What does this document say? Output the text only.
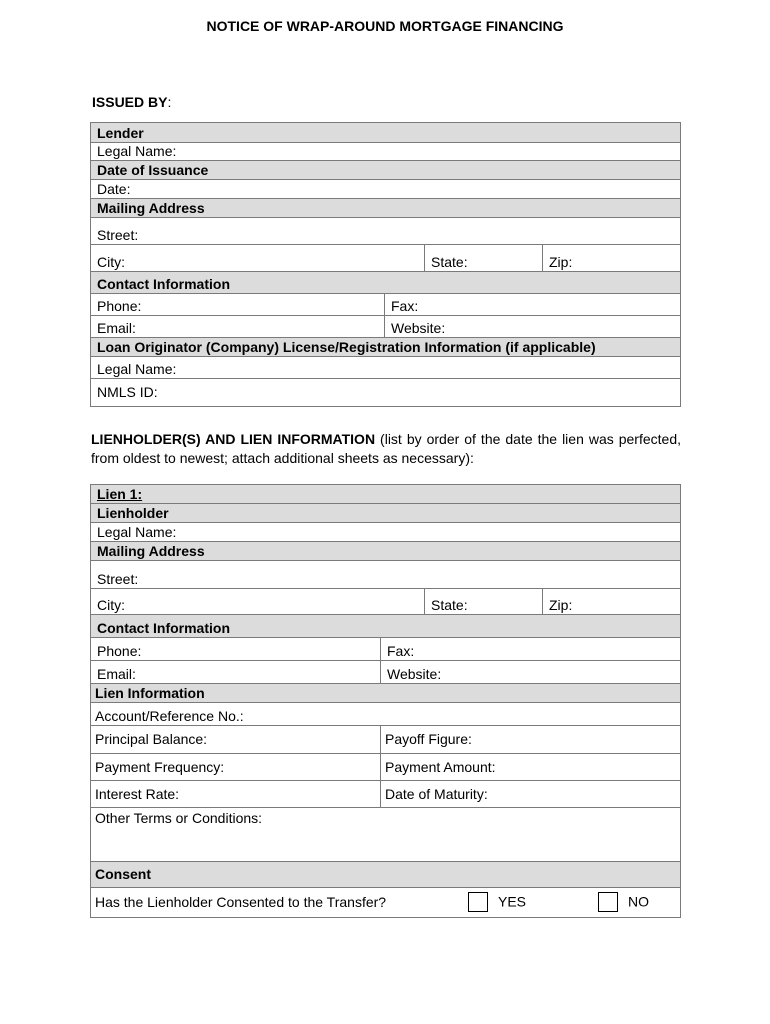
NOTICE OF WRAP-AROUND MORTGAGE FINANCING
ISSUED BY:
Lender			
Legal Name:			
Date of Issuance			
Date:			
Mailing Address			
Street:			
City:		State:	Zip:
Contact Information			
Phone:	Fax:		
Email:	Website:		
Loan Originator (Company) License/Registration Information (if applicable)			
Legal Name:			
NMLS ID:			
LIENHOLDER(S) AND LIEN INFORMATION (list by order of the date the lien was perfected, from oldest to newest; attach additional sheets as necessary):
Lien 1:			
Lienholder			
Legal Name:			
Mailing Address			
Street:			
City:		State:	Zip:
Contact Information			
Phone:	Fax:		
Email:	Website:		
Lien Information			
Account/Reference No.:			
Principal Balance:	Payoff Figure:		
Payment Frequency:	Payment Amount:		
Interest Rate:	Date of Maturity:		
Other Terms or Conditions:			
Consent			
Has the Lienholder Consented to the Transfer? YES NO			
